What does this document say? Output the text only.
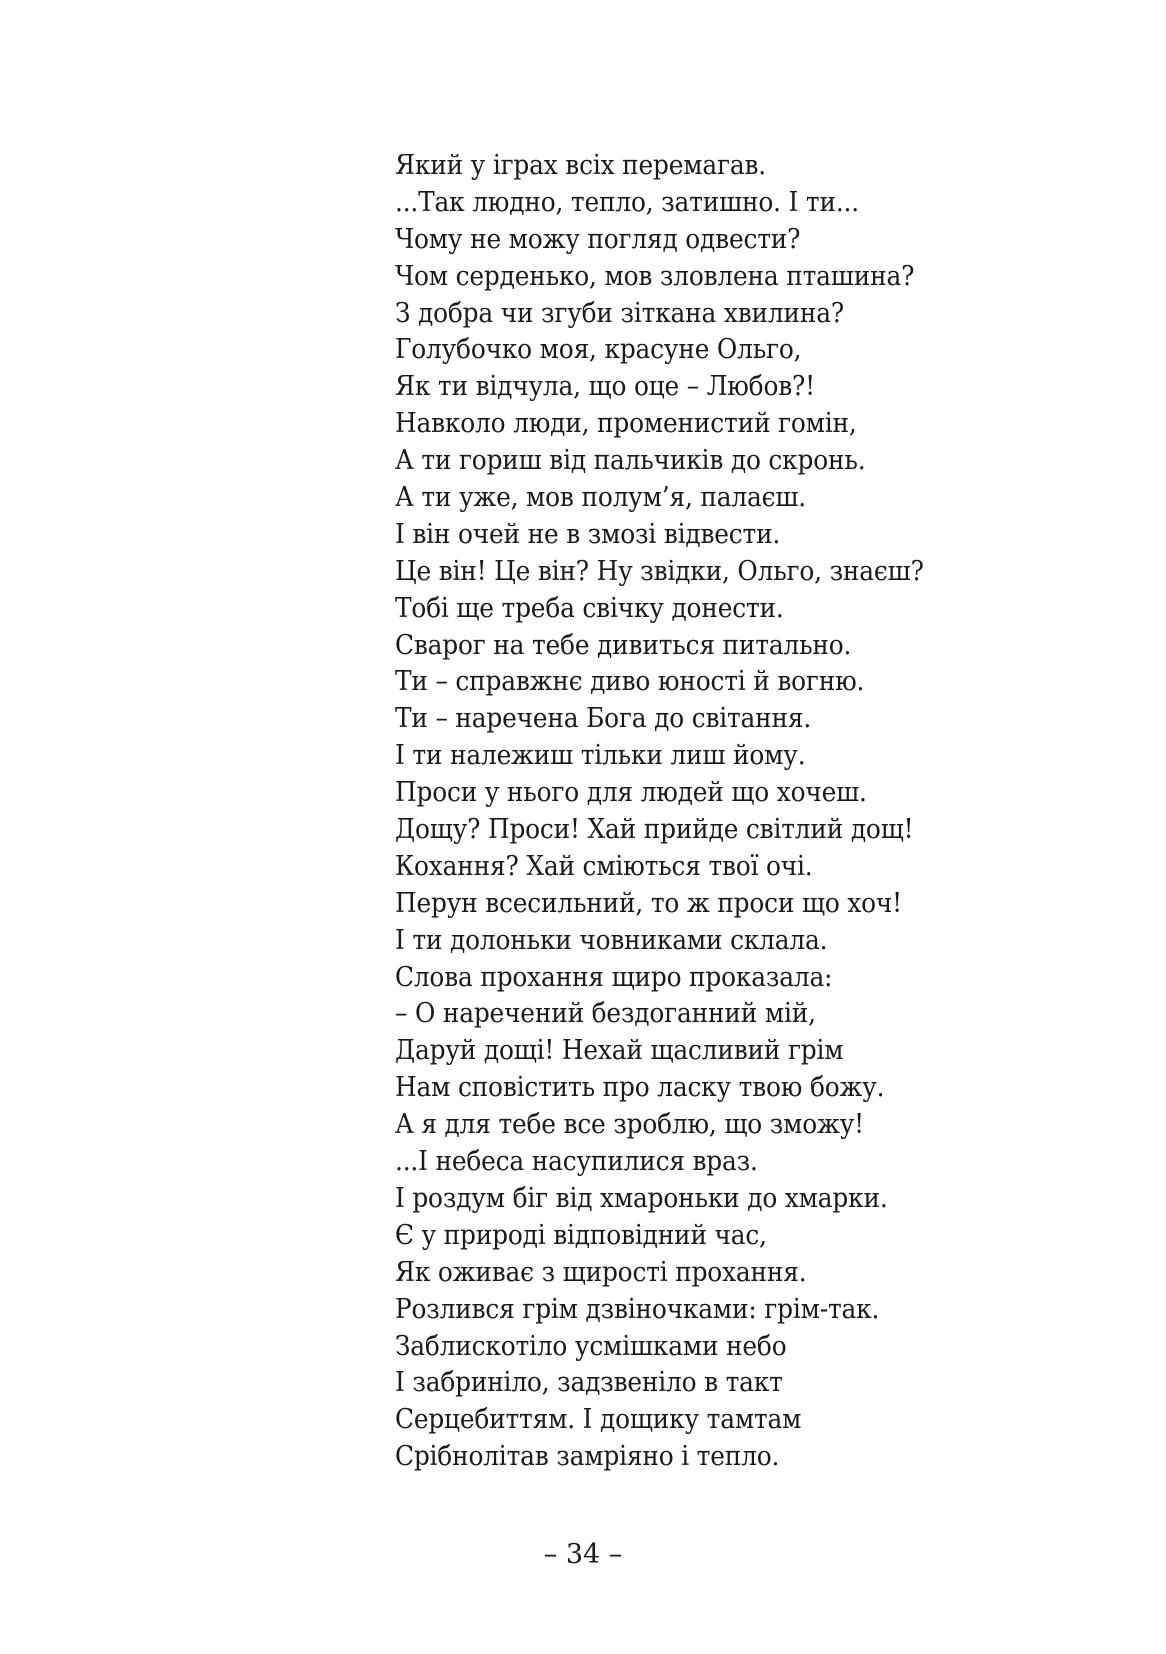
Який у іграх всіх перемагав.
...Так людно, тепло, затишно. І ти...
Чому не можу погляд одвести?
Чом серденько, мов зловлена пташина?
З добра чи згуби зіткана хвилина?
Голубочко моя, красуне Ольго,
Як ти відчула, що оце – Любов?!
Навколо люди, променистий гомін,
А ти гориш від пальчиків до скронь.
А ти уже, мов полум’я, палаєш.
І він очей не в змозі відвести.
Це він! Це він? Ну звідки, Ольго, знаєш?
Тобі ще треба свічку донести.
Сварог на тебе дивиться питально.
Ти – справжнє диво юності й вогню.
Ти – наречена Бога до світання.
І ти належиш тільки лиш йому.
Проси у нього для людей що хочеш.
Дощу? Проси! Хай прийде світлий дощ!
Кохання? Хай сміються твої очі.
Перун всесильний, то ж проси що хоч!
І ти долоньки човниками склала.
Слова прохання щиро проказала:
– О наречений бездоганний мій,
Даруй дощі! Нехай щасливий грім
Нам сповістить про ласку твою божу.
А я для тебе все зроблю, що зможу!
...І небеса насупилися враз.
І роздум біг від хмароньки до хмарки.
Є у природі відповідний час,
Як оживає з щирості прохання.
Розлився грім дзвіночками: грім-так.
Заблискотіло усмішками небо
І забриніло, задзвеніло в такт
Серцебиттям. І дощику тамтам
Срібнолітав замріяно і тепло.
– 34 –
